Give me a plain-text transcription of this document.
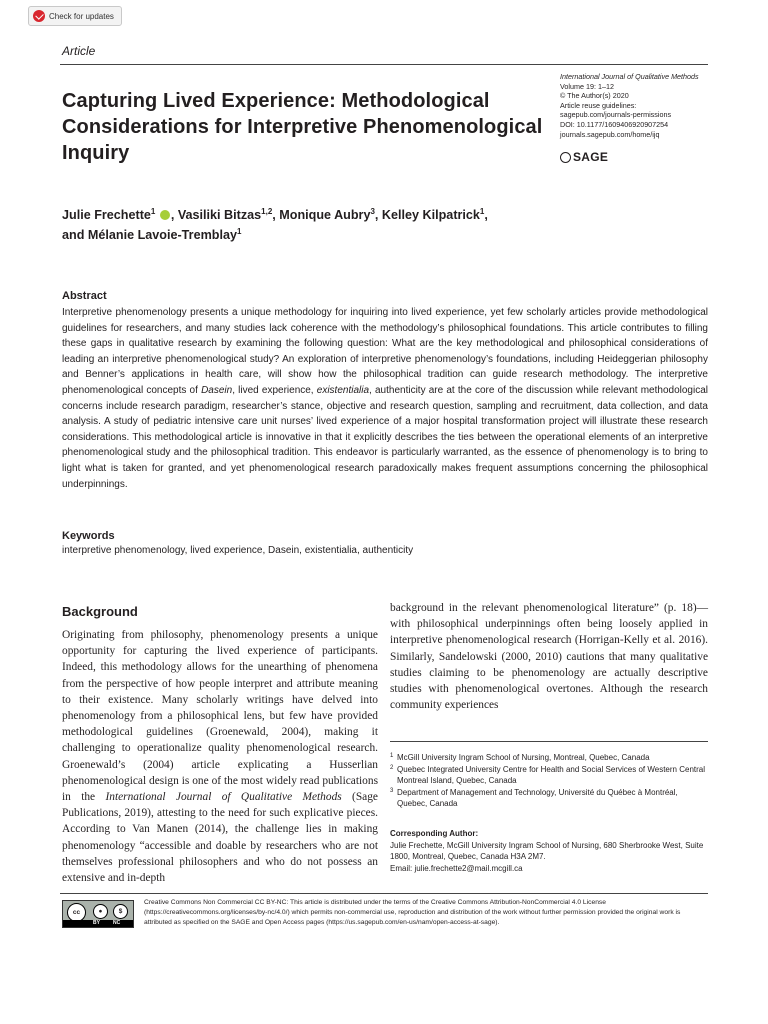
Check for updates
Article
Capturing Lived Experience: Methodological Considerations for Interpretive Phenomenological Inquiry
International Journal of Qualitative Methods
Volume 19: 1–12
© The Author(s) 2020
Article reuse guidelines:
sagepub.com/journals-permissions
DOI: 10.1177/1609406920907254
journals.sagepub.com/home/ijq
SAGE
Julie Frechette$^1$ , Vasiliki Bitzas$^{1,2}$, Monique Aubry$^3$, Kelley Kilpatrick$^1$,
and Mélanie Lavoie-Tremblay$^1$
Abstract
Interpretive phenomenology presents a unique methodology for inquiring into lived experience, yet few scholarly articles provide methodological guidelines for researchers, and many studies lack coherence with the methodology’s philosophical foundations. This article contributes to filling these gaps in qualitative research by examining the following question: What are the key methodological and philosophical considerations of leading an interpretive phenomenological study? An exploration of interpretive phenomenology’s foundations, including Heideggerian philosophy and Benner’s applications in health care, will show how the philosophical tradition can guide research methodology. The interpretive phenomenological concepts of Dasein, lived experience, existentialia, authenticity are at the core of the discussion while relevant methodological concerns include research paradigm, researcher’s stance, objective and research question, sampling and recruitment, data collection, and data analysis. A study of pediatric intensive care unit nurses’ lived experience of a major hospital transformation project will illustrate these research considerations. This methodological article is innovative in that it explicitly describes the ties between the operational elements of an interpretive phenomenological study and the philosophical tradition. This endeavor is particularly warranted, as the essence of phenomenology is to bring to light what is taken for granted, and yet phenomenological research paradoxically makes frequent assumptions concerning the philosophical underpinnings.
Keywords
interpretive phenomenology, lived experience, Dasein, existentialia, authenticity
Background

Originating from philosophy, phenomenology presents a unique opportunity for capturing the lived experience of participants. Indeed, this methodology allows for the unearthing of phenomena from the perspective of how people interpret and attribute meaning to their existence. Many scholarly writings have delved into phenomenology from a philosophical lens, but few have provided methodological guidelines (Groenewald, 2004), making it challenging to operationalize quality phenomenological research. Groenewald’s (2004) article explicating a Husserlian phenomenological design is one of the most widely read publications in the International Journal of Qualitative Methods (Sage Publications, 2019), attesting to the need for such explicative pieces. According to Van Manen (2014), the challenge lies in making phenomenology “accessible and doable by researchers who are not themselves professional philosophers and who do not possess an extensive and in-depth

background in the relevant phenomenological literature” (p. 18)—with philosophical underpinnings often being loosely applied in interpretive phenomenological research (Horrigan-Kelly et al. 2016). Similarly, Sandelowski (2000, 2010) cautions that many qualitative studies claiming to be phenomenology are actually descriptive studies with phenomenological overtones. Although the research community experiences

1 McGill University Ingram School of Nursing, Montreal, Quebec, Canada
2 Quebec Integrated University Centre for Health and Social Services of Western Central Montreal Island, Quebec, Canada
3 Department of Management and Technology, Université du Québec à Montréal, Quebec, Canada
Corresponding Author:
Julie Frechette, McGill University Ingram School of Nursing, 680 Sherbrooke West, Suite 1800, Montreal, Quebec, Canada H3A 2M7.
Email: julie.frechette2@mail.mcgill.ca
cc	●	$
BY	NC
Creative Commons Non Commercial CC BY-NC: This article is distributed under the terms of the Creative Commons Attribution-NonCommercial 4.0 License (https://creativecommons.org/licenses/by-nc/4.0/) which permits non-commercial use, reproduction and distribution of the work without further permission provided the original work is attributed as specified on the SAGE and Open Access pages (https://us.sagepub.com/en-us/nam/open-access-at-sage).
